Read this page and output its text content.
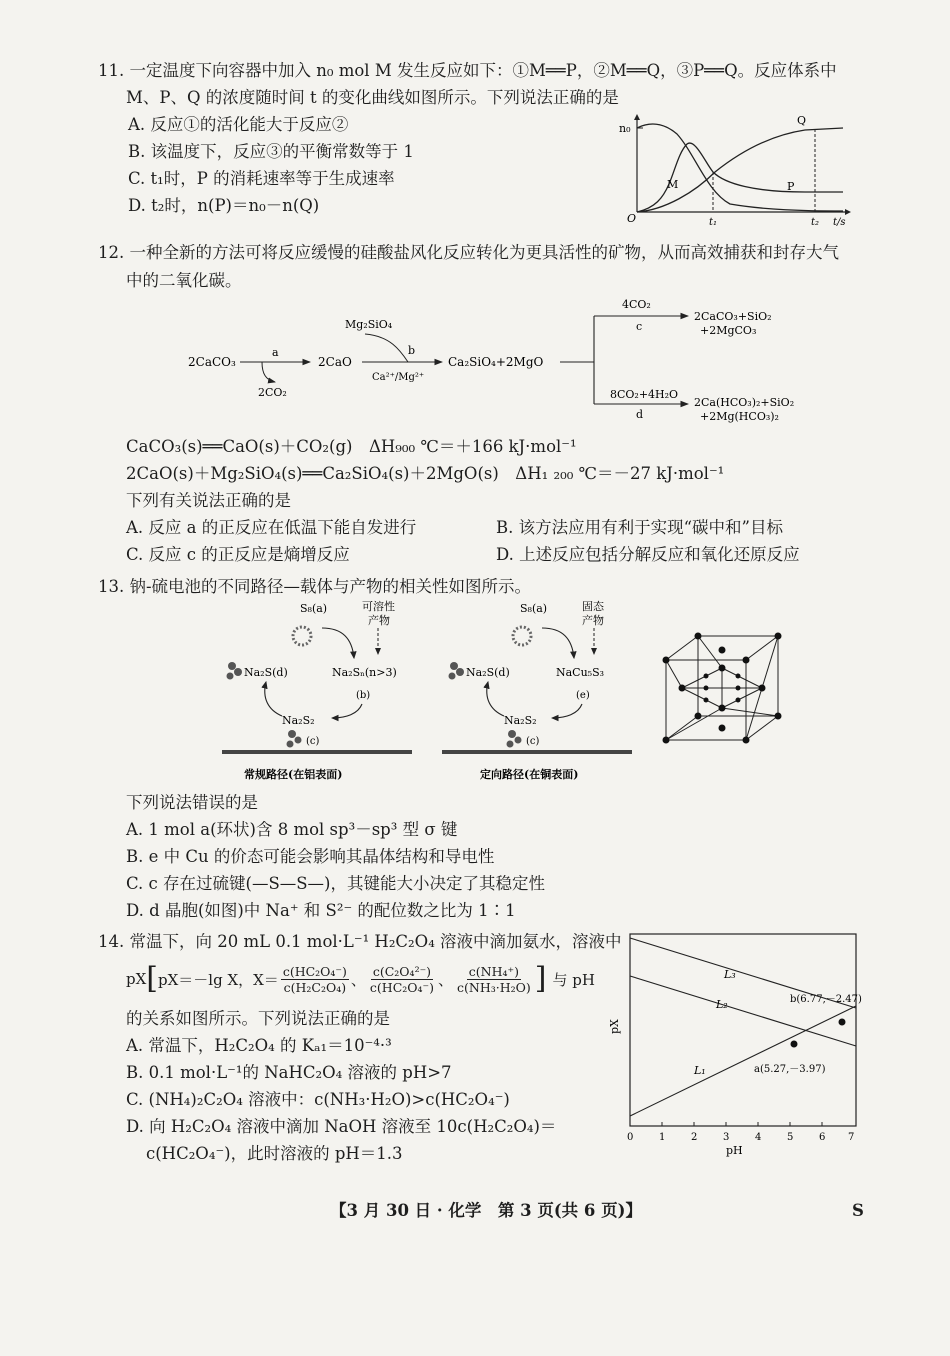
11. 一定温度下向容器中加入 n₀ mol M 发生反应如下：①M══P，②M══Q，③P══Q。反应体系中
M、P、Q 的浓度随时间 t 的变化曲线如图所示。下列说法正确的是
A. 反应①的活化能大于反应②
B. 该温度下，反应③的平衡常数等于 1
C. t₁时，P 的消耗速率等于生成速率
D. t₂时，n(P)＝n₀－n(Q)
n₀
O	t₁	t₂ t/s
M	P
Q
12. 一种全新的方法可将反应缓慢的硅酸盐风化反应转化为更具活性的矿物，从而高效捕获和封存大气
中的二氧化碳。
2CaCO₃
a
2CO₂
2CaO
Mg₂SiO₄
b
Ca²⁺/Mg²⁺
Ca₂SiO₄+2MgO
4CO₂
c
2CaCO₃+SiO₂
+2MgCO₃
8CO₂+4H₂O
d
2Ca(HCO₃)₂+SiO₂
+2Mg(HCO₃)₂
CaCO₃(s)══CaO(s)＋CO₂(g)　ΔH₉₀₀ ℃＝＋166 kJ·mol⁻¹
2CaO(s)＋Mg₂SiO₄(s)══Ca₂SiO₄(s)＋2MgO(s)　ΔH₁ ₂₀₀ ℃＝－27 kJ·mol⁻¹
下列有关说法正确的是
A. 反应 a 的正反应在低温下能自发进行	B. 该方法应用有利于实现“碳中和”目标
C. 反应 c 的正反应是熵增反应	D. 上述反应包括分解反应和氧化还原反应
13. 钠-硫电池的不同路径—载体与产物的相关性如图所示。
S₈(a)	可溶性
产物
Na₂S(d)	Na₂Sₙ(n>3)
(b)
Na₂S₂
(c)
常规路径(在铝表面)
S₈(a)	固态
产物
Na₂S(d)	NaCu₅S₃
(e)
Na₂S₂
(c)
定向路径(在铜表面)
下列说法错误的是
A. 1 mol a(环状)含 8 mol sp³－sp³ 型 σ 键
B. e 中 Cu 的价态可能会影响其晶体结构和导电性
C. c 存在过硫键(—S—S—)，其键能大小决定了其稳定性
D. d 晶胞(如图)中 Na⁺ 和 S²⁻ 的配位数之比为 1∶1
14. 常温下，向 20 mL 0.1 mol·L⁻¹ H₂C₂O₄ 溶液中滴加氨水，溶液中
pX [ pX＝－lg X，X＝ c(HC₂O₄⁻)
c(H₂C₂O₄) 、 c(C₂O₄²⁻)
c(HC₂O₄⁻) 、 c(NH₄⁺)
c(NH₃·H₂O) ] 与 pH
的关系如图所示。下列说法正确的是
A. 常温下，H₂C₂O₄ 的 Kₐ₁＝10⁻⁴·³
B. 0.1 mol·L⁻¹的 NaHC₂O₄ 溶液的 pH>7
C. (NH₄)₂C₂O₄ 溶液中：c(NH₃·H₂O)>c(HC₂O₄⁻)
D. 向 H₂C₂O₄ 溶液中滴加 NaOH 溶液至 10c(H₂C₂O₄)＝
c(HC₂O₄⁻)，此时溶液的 pH＝1.3
L₃
L₂
L₁	a(5.27,－3.97)
b(6.77,－2.47)
pX
pH
0	1	2	3	4	5	6 7
【3 月 30 日 · 化学　第 3 页(共 6 页)】	S
